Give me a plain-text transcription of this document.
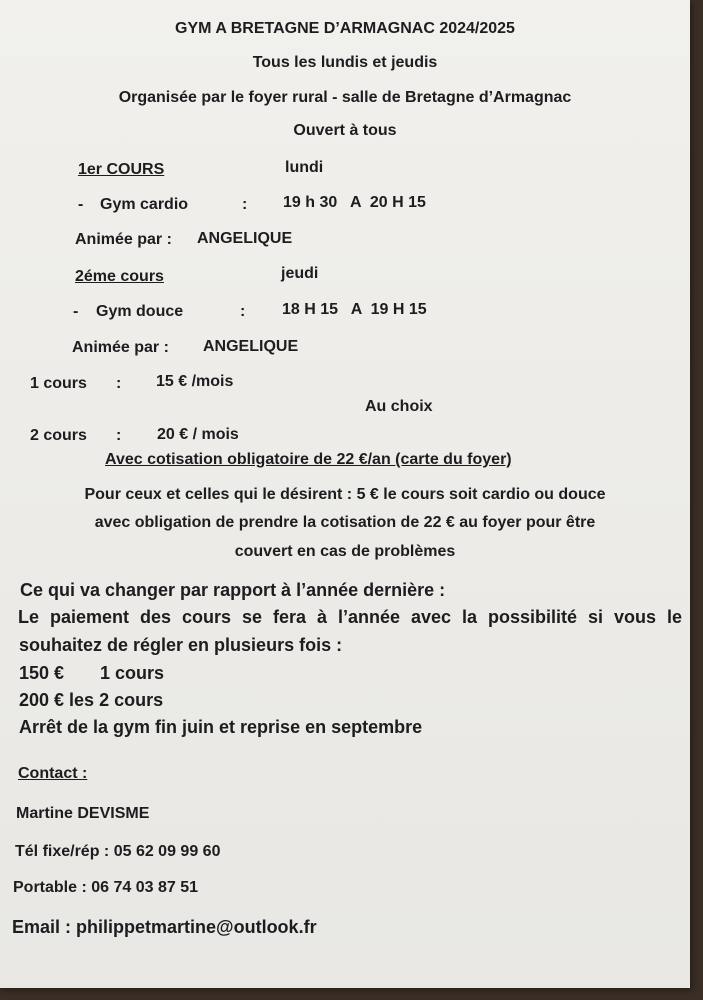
GYM A BRETAGNE D’ARMAGNAC 2024/2025
Tous les lundis et jeudis
Organisée par le foyer rural - salle de Bretagne d’Armagnac
Ouvert à tous
1er COURS	lundi
- Gym cardio	: 19 h 30   A  20 H 15
Animée par : ANGELIQUE
2éme cours	jeudi
- Gym douce	: 18 H 15   A  19 H 15
Animée par : ANGELIQUE
1 cours : 15 € /mois
Au choix
2 cours : 20 € / mois
Avec cotisation obligatoire de 22 €/an (carte du foyer)
Pour ceux et celles qui le désirent : 5 € le cours soit cardio ou douce
avec obligation de prendre la cotisation de 22 € au foyer pour être
couvert en cas de problèmes
Ce qui va changer par rapport à l’année dernière :
Le paiement des cours se fera à l’année avec la possibilité si vous le
souhaitez de régler en plusieurs fois :
150 € 1 cours
200 € les 2 cours
Arrêt de la gym fin juin et reprise en septembre
Contact :
Martine DEVISME
Tél fixe/rép : 05 62 09 99 60
Portable : 06 74 03 87 51
Email : philippetmartine@outlook.fr
